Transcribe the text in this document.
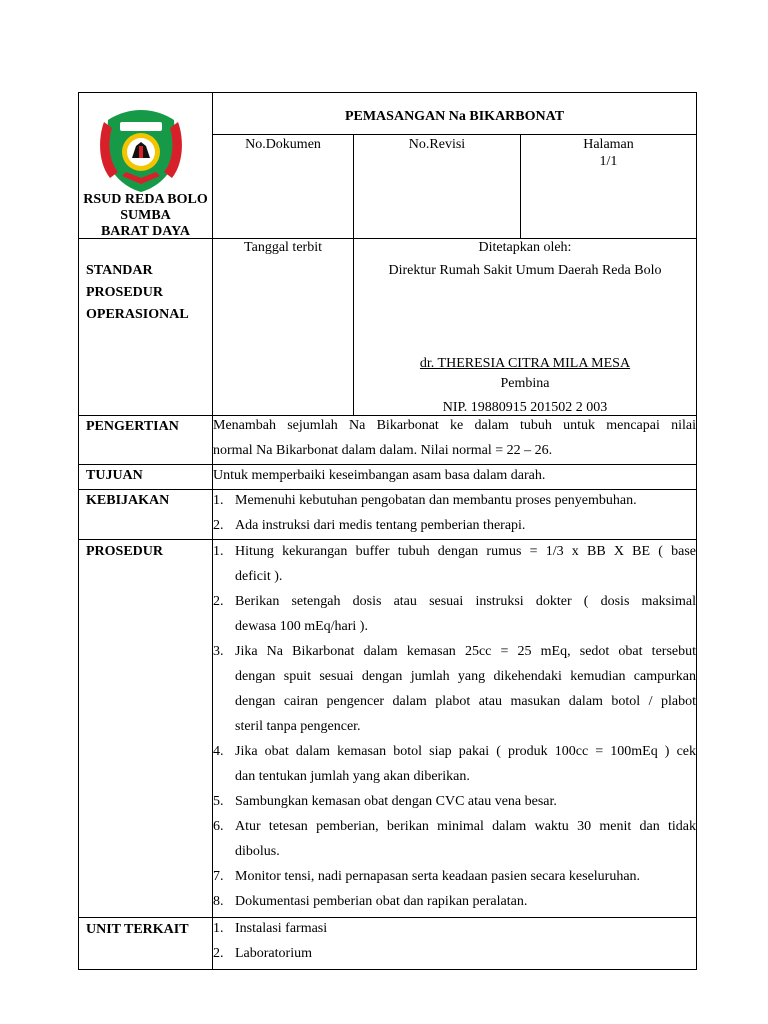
RSUD REDA BOLO
SUMBA
BARAT DAYA
PEMASANGAN Na BIKARBONAT
No.Dokumen	No.Revisi	Halaman
1/1
STANDAR
PROSEDUR
OPERASIONAL
Tanggal terbit	Ditetapkan oleh:
Direktur Rumah Sakit Umum Daerah Reda Bolo
dr. THERESIA CITRA MILA MESA
Pembina
NIP. 19880915 201502 2 003
PENGERTIAN Menambah sejumlah Na Bikarbonat ke dalam tubuh untuk mencapai nilai
normal Na Bikarbonat dalam dalam. Nilai normal = 22 – 26.
TUJUAN	Untuk memperbaiki keseimbangan asam basa dalam darah.
KEBIJAKAN	1. Memenuhi kebutuhan pengobatan dan membantu proses penyembuhan.
2. Ada instruksi dari medis tentang pemberian therapi.
PROSEDUR	1. Hitung kekurangan buffer tubuh dengan rumus = 1/3 x BB X BE ( base
deficit ).
2. Berikan setengah dosis atau sesuai instruksi dokter ( dosis maksimal
dewasa 100 mEq/hari ).
3. Jika Na Bikarbonat dalam kemasan 25cc = 25 mEq, sedot obat tersebut
dengan spuit sesuai dengan jumlah yang dikehendaki kemudian campurkan
dengan cairan pengencer dalam plabot atau masukan dalam botol / plabot
steril tanpa pengencer.
4. Jika obat dalam kemasan botol siap pakai ( produk 100cc = 100mEq ) cek
dan tentukan jumlah yang akan diberikan.
5. Sambungkan kemasan obat dengan CVC atau vena besar.
6. Atur tetesan pemberian, berikan minimal dalam waktu 30 menit dan tidak
dibolus.
7. Monitor tensi, nadi pernapasan serta keadaan pasien secara keseluruhan.
8. Dokumentasi pemberian obat dan rapikan peralatan.
UNIT TERKAIT 1. Instalasi farmasi
2. Laboratorium
